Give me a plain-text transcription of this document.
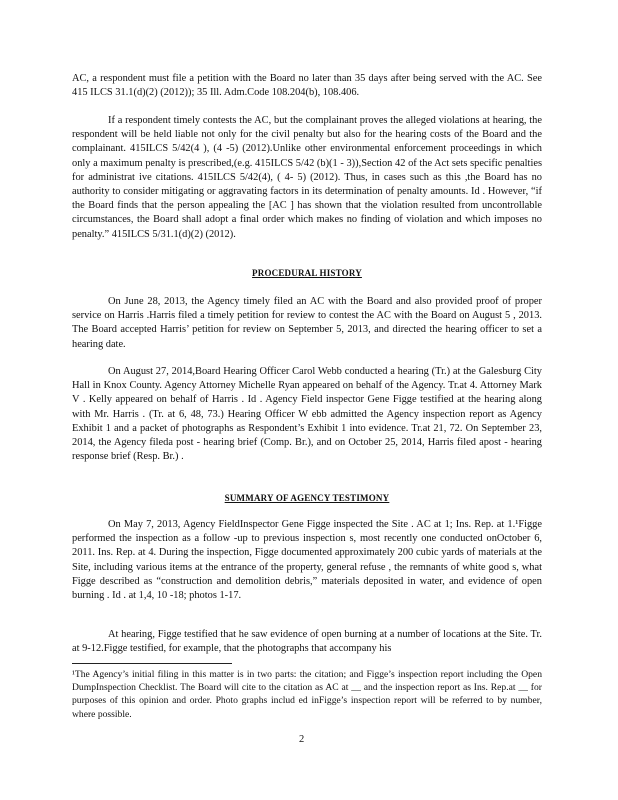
AC, a respondent must file a petition with the Board no later than 35 days after being served with the AC. See 415 ILCS 31.1(d)(2) (2012)); 35 Ill. Adm.Code 108.204(b), 108.406.

If a respondent timely contests the AC, but the complainant proves the alleged violations at hearing, the respondent will be held liable not only for the civil penalty but also for the hearing costs of the Board and the complainant. 415ILCS 5/42(4 ), (4 -5) (2012).Unlike other environmental enforcement proceedings in which only a maximum penalty is prescribed,(e.g. 415ILCS 5/42 (b)(1 - 3)),Section 42 of the Act sets specific penalties for administrat ive citations. 415ILCS 5/42(4), ( 4- 5) (2012). Thus, in cases such as this ,the Board has no authority to consider mitigating or aggravating factors in its determination of penalty amounts. Id . However, “if the Board finds that the person appealing the [AC ] has shown that the violation resulted from uncontrollable circumstances, the Board shall adopt a final order which makes no finding of violation and which imposes no penalty.” 415ILCS 5/31.1(d)(2) (2012).

PROCEDURAL HISTORY

On June 28, 2013, the Agency timely filed an AC with the Board and also provided proof of proper service on Harris .Harris filed a timely petition for review to contest the AC with the Board on August 5 , 2013. The Board accepted Harris’ petition for review on September 5, 2013, and directed the hearing officer to set a hearing date.

On August 27, 2014,Board Hearing Officer Carol Webb conducted a hearing (Tr.) at the Galesburg City Hall in Knox County. Agency Attorney Michelle Ryan appeared on behalf of the Agency. Tr.at 4. Attorney Mark V . Kelly appeared on behalf of Harris . Id . Agency Field inspector Gene Figge testified at the hearing along with Mr. Harris . (Tr. at 6, 48, 73.) Hearing Officer W ebb admitted the Agency inspection report as Agency Exhibit 1 and a packet of photographs as Respondent’s Exhibit 1 into evidence. Tr.at 21, 72. On September 23, 2014, the Agency fileda post - hearing brief (Comp. Br.), and on October 25, 2014, Harris filed apost - hearing response brief (Resp. Br.) .

SUMMARY OF AGENCY TESTIMONY

On May 7, 2013, Agency FieldInspector Gene Figge inspected the Site . AC at 1; Ins. Rep. at 1.¹Figge performed the inspection as a follow -up to previous inspection s, most recently one conducted onOctober 6, 2011. Ins. Rep. at 4. During the inspection, Figge documented approximately 200 cubic yards of materials at the Site, including various items at the entrance of the property, general refuse , the remnants of white good s, what Figge described as “construction and demolition debris,” materials deposited in water, and evidence of open burning . Id . at 1,4, 10 -18; photos 1-17.

At hearing, Figge testified that he saw evidence of open burning at a number of locations at the Site. Tr. at 9-12.Figge testified, for example, that the photographs that accompany his

¹The Agency’s initial filing in this matter is in two parts: the citation; and Figge’s inspection report including the Open DumpInspection Checklist. The Board will cite to the citation as AC at __ and the inspection report as Ins. Rep.at __ for purposes of this opinion and order. Photo graphs includ ed inFigge’s inspection report will be referred to by number, where possible.

2
